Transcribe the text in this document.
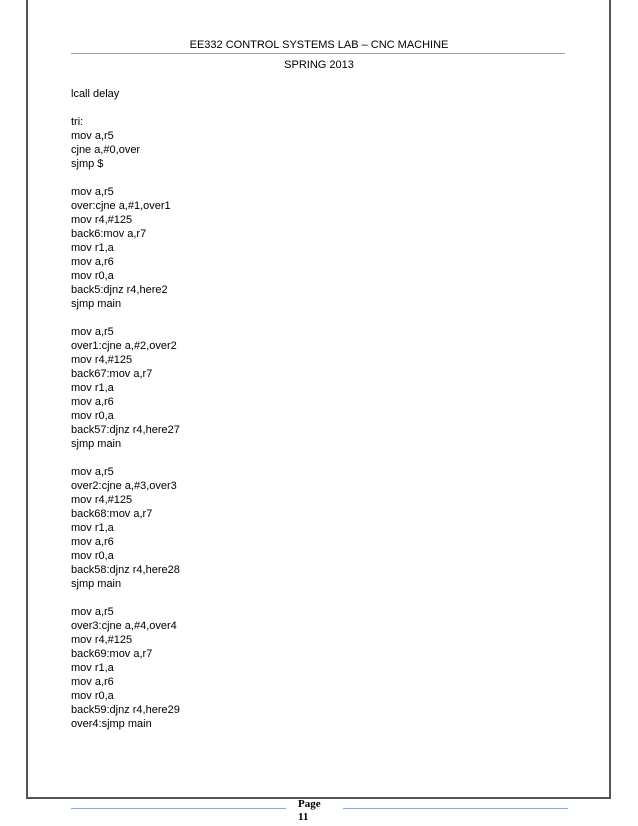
EE332 CONTROL SYSTEMS LAB – CNC MACHINE
SPRING 2013
lcall delay
tri:
mov a,r5
cjne a,#0,over
sjmp $
mov a,r5
over:cjne a,#1,over1
mov r4,#125
back6:mov a,r7
mov r1,a
mov a,r6
mov r0,a
back5:djnz r4,here2
sjmp main
mov a,r5
over1:cjne a,#2,over2
mov r4,#125
back67:mov a,r7
mov r1,a
mov a,r6
mov r0,a
back57:djnz r4,here27
sjmp main
mov a,r5
over2:cjne a,#3,over3
mov r4,#125
back68:mov a,r7
mov r1,a
mov a,r6
mov r0,a
back58:djnz r4,here28
sjmp main
mov a,r5
over3:cjne a,#4,over4
mov r4,#125
back69:mov a,r7
mov r1,a
mov a,r6
mov r0,a
back59:djnz r4,here29
over4:sjmp main
Page
11
